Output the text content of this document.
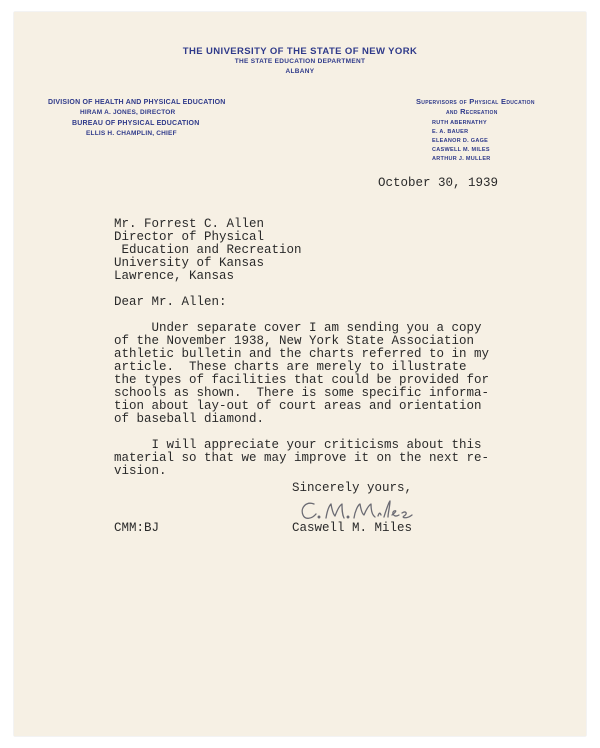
THE UNIVERSITY OF THE STATE OF NEW YORK
THE STATE EDUCATION DEPARTMENT
ALBANY
DIVISION OF HEALTH AND PHYSICAL EDUCATION
HIRAM A. JONES, DIRECTOR
BUREAU OF PHYSICAL EDUCATION
ELLIS H. CHAMPLIN, CHIEF
Supervisors of Physical Education
and Recreation
RUTH ABERNATHY
E. A. BAUER
ELEANOR D. GAGE
CASWELL M. MILES
ARTHUR J. MULLER
October 30, 1939
Mr. Forrest C. Allen
Director of Physical
Education and Recreation
University of Kansas
Lawrence, Kansas
Dear Mr. Allen:
Under separate cover I am sending you a copy
of the November 1938, New York State Association
athletic bulletin and the charts referred to in my
article.  These charts are merely to illustrate
the types of facilities that could be provided for
schools as shown.  There is some specific informa-
tion about lay-out of court areas and orientation
of baseball diamond.
I will appreciate your criticisms about this
material so that we may improve it on the next re-
vision.
Sincerely yours,
Caswell M. Miles
CMM:BJ
